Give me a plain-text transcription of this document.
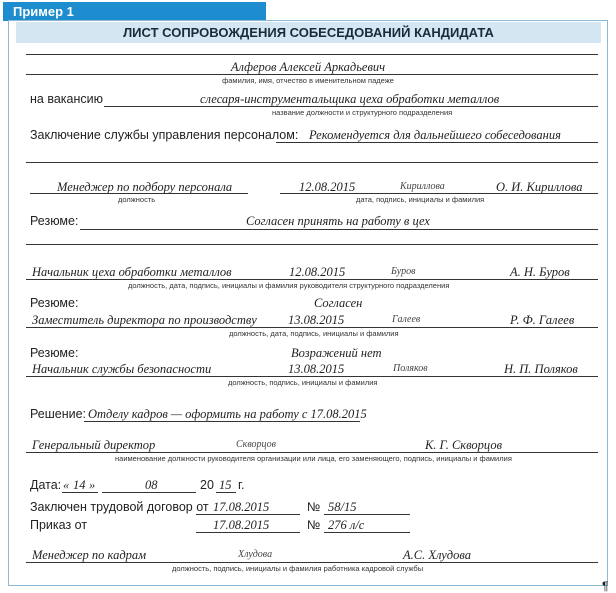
Пример 1
ЛИСТ СОПРОВОЖДЕНИЯ СОБЕСЕДОВАНИЙ КАНДИДАТА
Алферов Алексей Аркадьевич
фамилия, имя, отчество в именительном падеже
на вакансию	слесаря-инструментальщика цеха обработки металлов
название должности и структурного подразделения
Заключение службы управления персоналом: Рекомендуется для дальнейшего собеседования
Менеджер по подбору персонала	12.08.2015	Кириллова	О. И. Кириллова
должность	дата, подпись, инициалы и фамилия
Резюме:	Согласен принять на работу в цех
Начальник цеха обработки металлов	12.08.2015	Буров	А. Н. Буров
должность, дата, подпись, инициалы и фамилия руководителя структурного подразделения
Резюме:	Согласен
Заместитель директора по производству 13.08.2015	Галеев	Р. Ф. Галеев
должность, дата, подпись, инициалы и фамилия
Резюме:	Возражений нет
Начальник службы безопасности	13.08.2015	Поляков	Н. П. Поляков
должность, подпись, инициалы и фамилия
Решение: Отделу кадров — оформить на работу с 17.08.2015
Генеральный директор	Скворцов	К. Г. Скворцов
наименование должности руководителя организации или лица, его заменяющего, подпись, инициалы и фамилия
Дата: « 14 »	08	20 15 г.
Заключен трудовой договор от 17.08.2015	№ 58/15
Приказ от	17.08.2015	№ 276 л/с
Менеджер по кадрам	Хлудова	А.С. Хлудова
должность, подпись, инициалы и фамилия работника кадровой службы
¶
